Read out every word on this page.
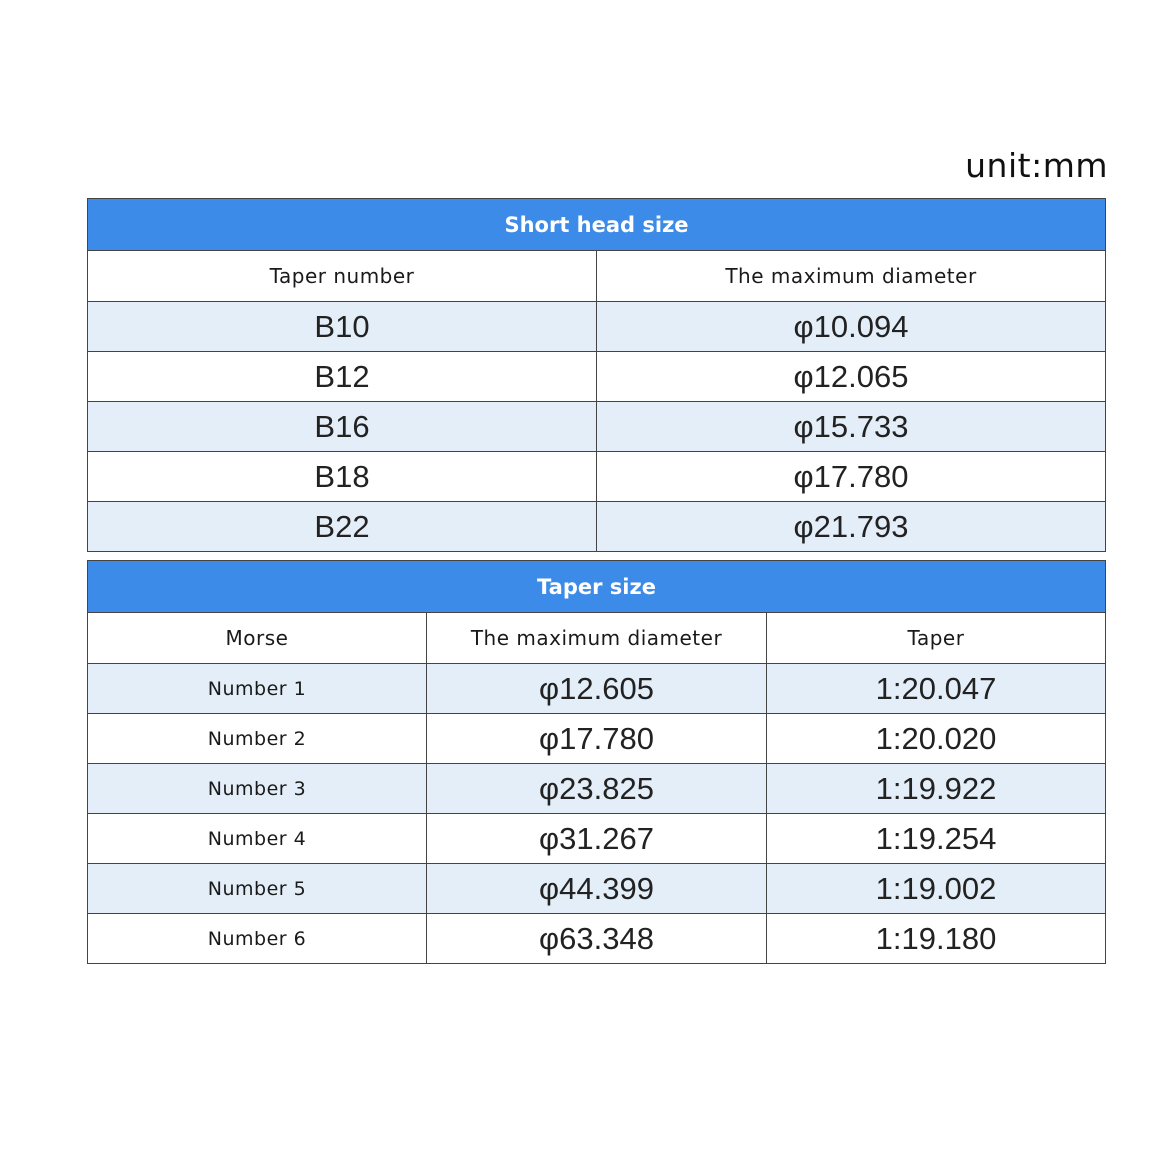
unit:mm
Short head size	
Taper number	The maximum diameter
B10	φ10.094
B12	φ12.065
B16	φ15.733
B18	φ17.780
B22	φ21.793
Taper size		
Morse	The maximum diameter	Taper
Number 1	φ12.605	1:20.047
Number 2	φ17.780	1:20.020
Number 3	φ23.825	1:19.922
Number 4	φ31.267	1:19.254
Number 5	φ44.399	1:19.002
Number 6	φ63.348	1:19.180
